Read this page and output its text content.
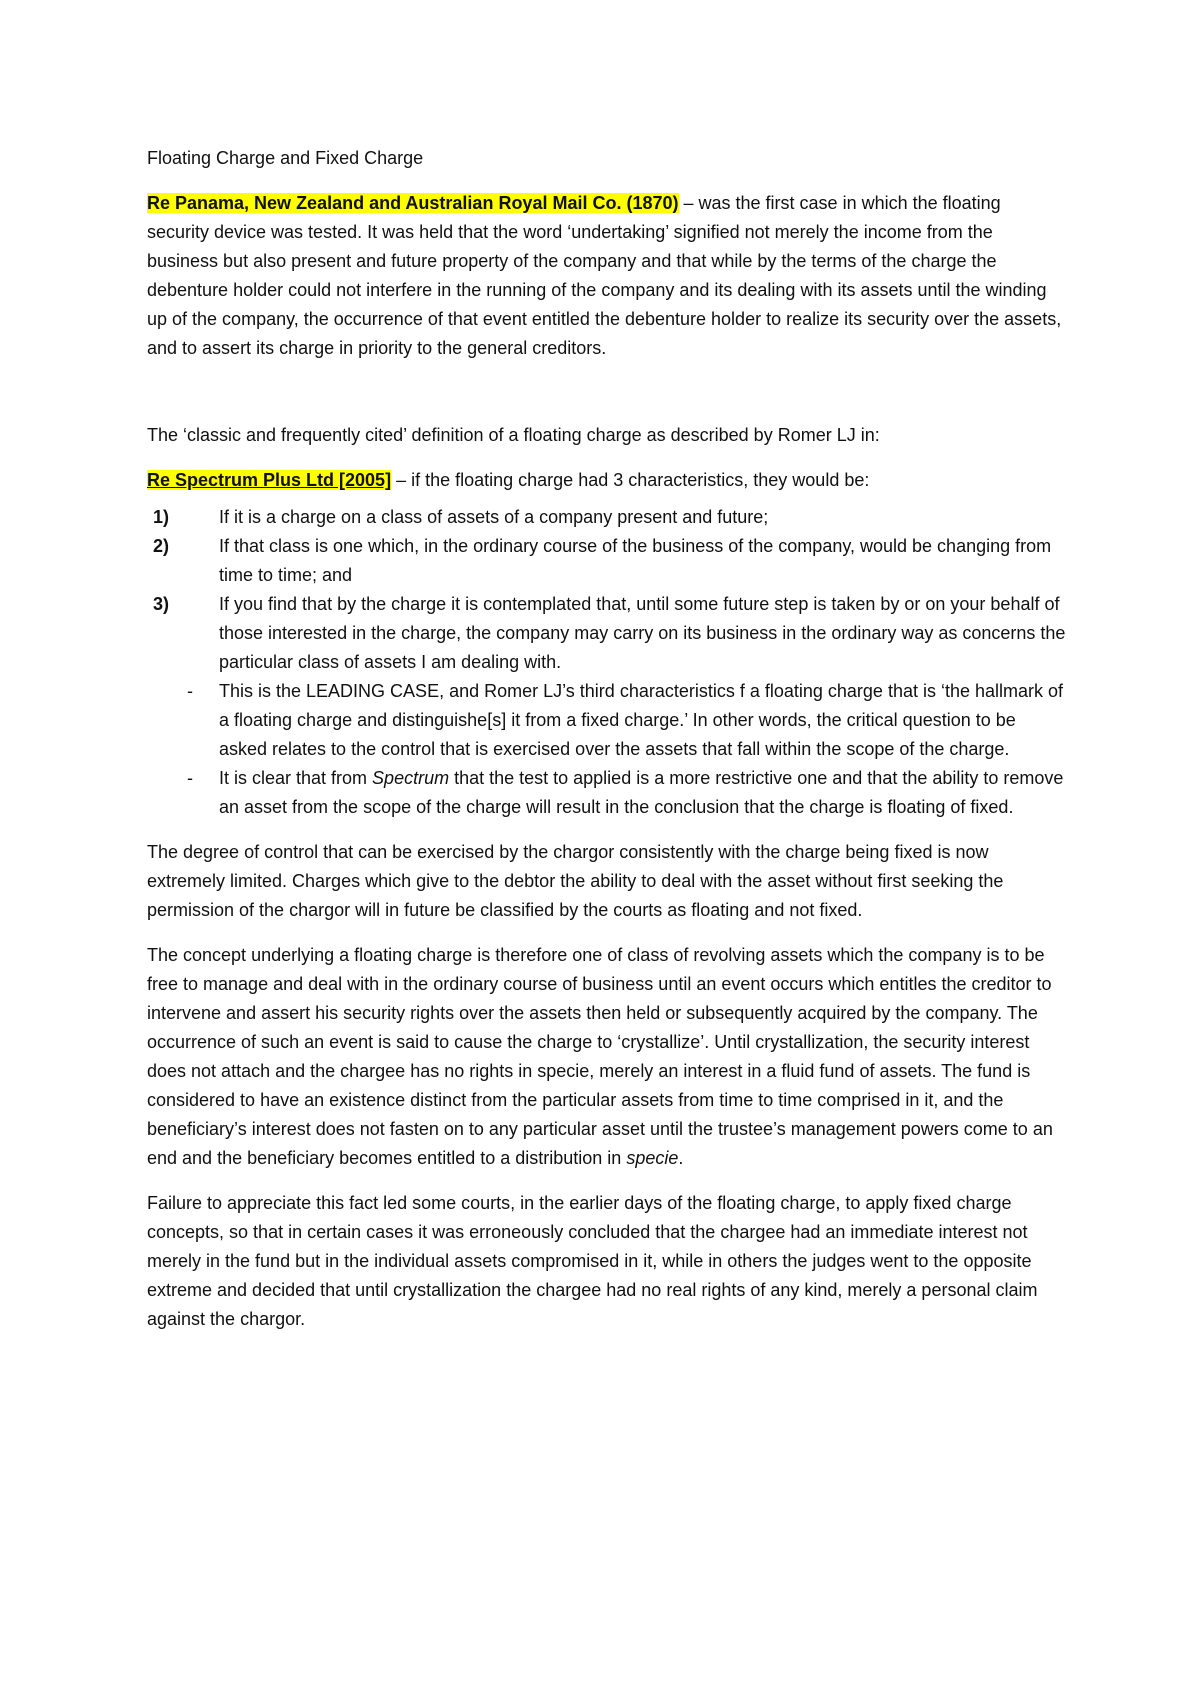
Floating Charge and Fixed Charge

Re Panama, New Zealand and Australian Royal Mail Co. (1870) – was the first case in which the floating security device was tested. It was held that the word ‘undertaking’ signified not merely the income from the business but also present and future property of the company and that while by the terms of the charge the debenture holder could not interfere in the running of the company and its dealing with its assets until the winding up of the company, the occurrence of that event entitled the debenture holder to realize its security over the assets, and to assert its charge in priority to the general creditors.

The ‘classic and frequently cited’ definition of a floating charge as described by Romer LJ in:

Re Spectrum Plus Ltd [2005] – if the floating charge had 3 characteristics, they would be:

1)	If it is a charge on a class of assets of a company present and future;
2)	If that class is one which, in the ordinary course of the business of the company, would be changing from time to time; and
3)	If you find that by the charge it is contemplated that, until some future step is taken by or on your behalf of those interested in the charge, the company may carry on its business in the ordinary way as concerns the particular class of assets I am dealing with.
- This is the LEADING CASE, and Romer LJ’s third characteristics f a floating charge that is ‘the hallmark of a floating charge and distinguishe[s] it from a fixed charge.’ In other words, the critical question to be asked relates to the control that is exercised over the assets that fall within the scope of the charge.
- It is clear that from Spectrum that the test to applied is a more restrictive one and that the ability to remove an asset from the scope of the charge will result in the conclusion that the charge is floating of fixed.

The degree of control that can be exercised by the chargor consistently with the charge being fixed is now extremely limited. Charges which give to the debtor the ability to deal with the asset without first seeking the permission of the chargor will in future be classified by the courts as floating and not fixed.

The concept underlying a floating charge is therefore one of class of revolving assets which the company is to be free to manage and deal with in the ordinary course of business until an event occurs which entitles the creditor to intervene and assert his security rights over the assets then held or subsequently acquired by the company. The occurrence of such an event is said to cause the charge to ‘crystallize’. Until crystallization, the security interest does not attach and the chargee has no rights in specie, merely an interest in a fluid fund of assets. The fund is considered to have an existence distinct from the particular assets from time to time comprised in it, and the beneficiary’s interest does not fasten on to any particular asset until the trustee’s management powers come to an end and the beneficiary becomes entitled to a distribution in specie.

Failure to appreciate this fact led some courts, in the earlier days of the floating charge, to apply fixed charge concepts, so that in certain cases it was erroneously concluded that the chargee had an immediate interest not merely in the fund but in the individual assets compromised in it, while in others the judges went to the opposite extreme and decided that until crystallization the chargee had no real rights of any kind, merely a personal claim against the chargor.
